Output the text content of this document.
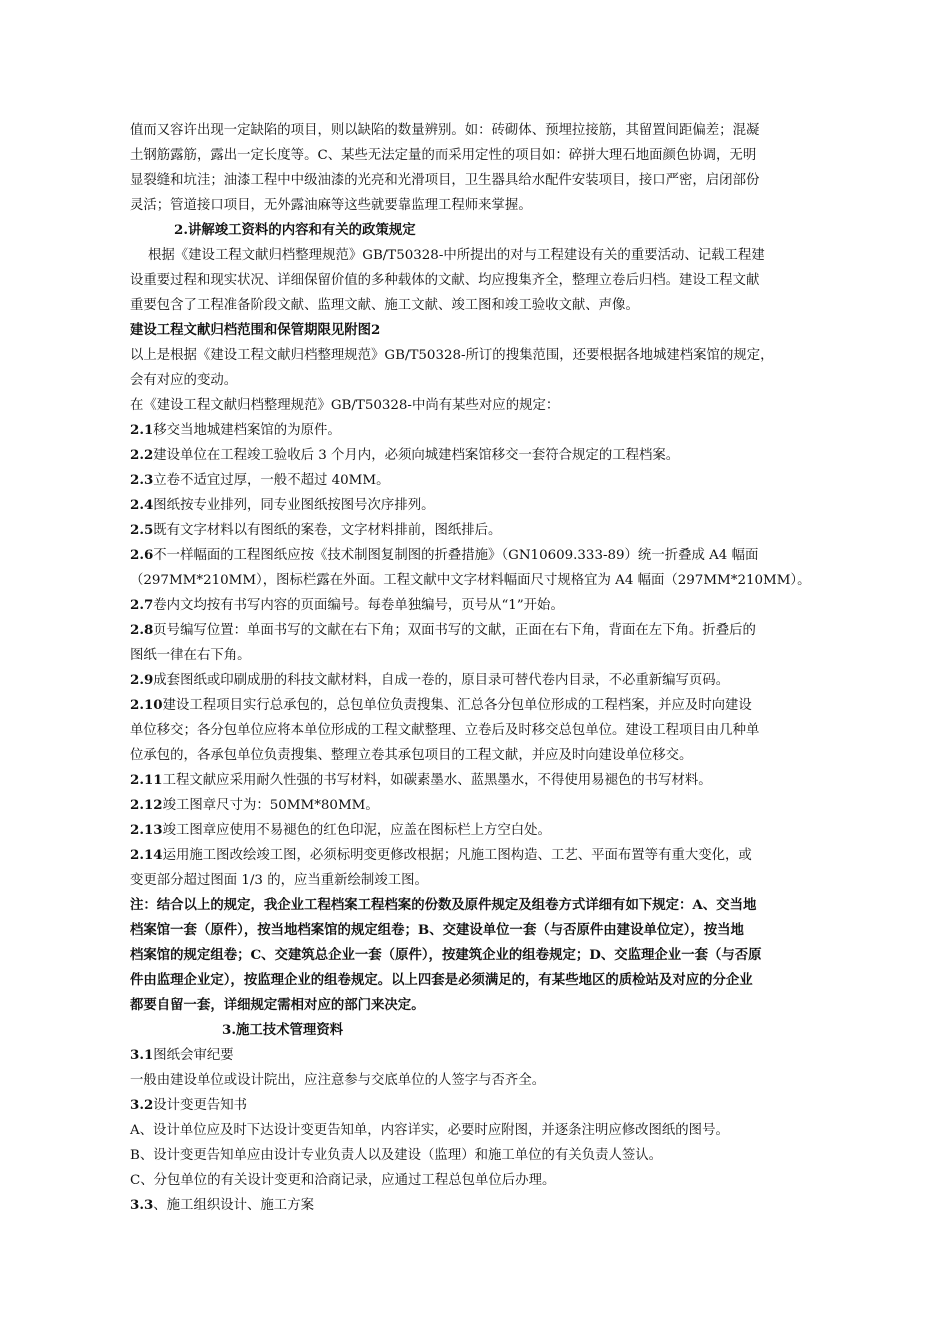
值而又容许出现一定缺陷的项目，则以缺陷的数量辨别。如：砖砌体、预埋拉接筋，其留置间距偏差；混凝
土钢筋露筋，露出一定长度等。C、某些无法定量的而采用定性的项目如：碎拼大理石地面颜色协调，无明
显裂缝和坑洼；油漆工程中中级油漆的光亮和光滑项目，卫生器具给水配件安装项目，接口严密，启闭部份
灵活；管道接口项目，无外露油麻等这些就要靠监理工程师来掌握。
2.讲解竣工资料的内容和有关的政策规定
根据《建设工程文献归档整理规范》GB/T50328-中所提出的对与工程建设有关的重要活动、记载工程建
设重要过程和现实状况、详细保留价值的多种载体的文献、均应搜集齐全，整理立卷后归档。建设工程文献
重要包含了工程准备阶段文献、监理文献、施工文献、竣工图和竣工验收文献、声像。
建设工程文献归档范围和保管期限见附图2
以上是根据《建设工程文献归档整理规范》GB/T50328-所订的搜集范围，还要根据各地城建档案馆的规定，
会有对应的变动。
在《建设工程文献归档整理规范》GB/T50328-中尚有某些对应的规定：
2.1移交当地城建档案馆的为原件。
2.2建设单位在工程竣工验收后 3 个月内，必须向城建档案馆移交一套符合规定的工程档案。
2.3立卷不适宜过厚，一般不超过 40MM。
2.4图纸按专业排列，同专业图纸按图号次序排列。
2.5既有文字材料以有图纸的案卷，文字材料排前，图纸排后。
2.6不一样幅面的工程图纸应按《技术制图复制图的折叠措施》（GN10609.333-89）统一折叠成 A4 幅面
（297MM*210MM），图标栏露在外面。工程文献中文字材料幅面尺寸规格宜为 A4 幅面（297MM*210MM）。
2.7卷内文均按有书写内容的页面编号。每卷单独编号，页号从“1”开始。
2.8页号编写位置：单面书写的文献在右下角；双面书写的文献，正面在右下角，背面在左下角。折叠后的
图纸一律在右下角。
2.9成套图纸或印刷成册的科技文献材料，自成一卷的，原目录可替代卷内目录，不必重新编写页码。
2.10建设工程项目实行总承包的，总包单位负责搜集、汇总各分包单位形成的工程档案，并应及时向建设
单位移交；各分包单位应将本单位形成的工程文献整理、立卷后及时移交总包单位。建设工程项目由几种单
位承包的，各承包单位负责搜集、整理立卷其承包项目的工程文献，并应及时向建设单位移交。
2.11工程文献应采用耐久性强的书写材料，如碳素墨水、蓝黑墨水，不得使用易褪色的书写材料。
2.12竣工图章尺寸为：50MM*80MM。
2.13竣工图章应使用不易褪色的红色印泥，应盖在图标栏上方空白处。
2.14运用施工图改绘竣工图，必须标明变更修改根据；凡施工图构造、工艺、平面布置等有重大变化，或
变更部分超过图面 1/3 的，应当重新绘制竣工图。
注：结合以上的规定，我企业工程档案工程档案的份数及原件规定及组卷方式详细有如下规定：A、交当地
档案馆一套（原件），按当地档案馆的规定组卷；B、交建设单位一套（与否原件由建设单位定），按当地
档案馆的规定组卷；C、交建筑总企业一套（原件），按建筑企业的组卷规定；D、交监理企业一套（与否原
件由监理企业定），按监理企业的组卷规定。以上四套是必须满足的，有某些地区的质检站及对应的分企业
都要自留一套，详细规定需相对应的部门来决定。
3.施工技术管理资料
3.1图纸会审纪要
一般由建设单位或设计院出，应注意参与交底单位的人签字与否齐全。
3.2设计变更告知书
A、设计单位应及时下达设计变更告知单，内容详实，必要时应附图，并逐条注明应修改图纸的图号。
B、设计变更告知单应由设计专业负责人以及建设（监理）和施工单位的有关负责人签认。
C、分包单位的有关设计变更和洽商记录，应通过工程总包单位后办理。
3.3、施工组织设计、施工方案
